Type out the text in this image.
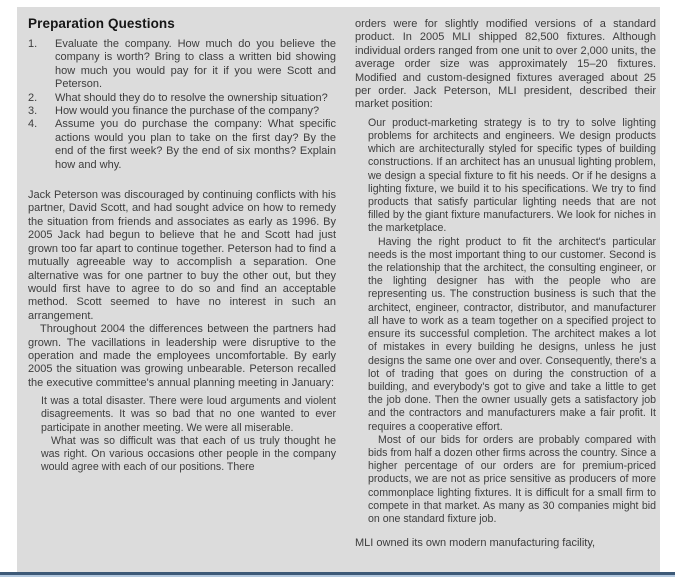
Preparation Questions
1.	Evaluate the company. How much do you believe the company is worth? Bring to class a written bid showing how much you would pay for it if you were Scott and Peterson.
2.	What should they do to resolve the ownership situation?
3.	How would you finance the purchase of the company?
4.	Assume you do purchase the company: What specific actions would you plan to take on the first day? By the end of the first week? By the end of six months? Explain how and why.

Jack Peterson was discouraged by continuing conflicts with his partner, David Scott, and had sought advice on how to remedy the situation from friends and associates as early as 1996. By 2005 Jack had begun to believe that he and Scott had just grown too far apart to continue together. Peterson had to find a mutually agreeable way to accomplish a separation. One alternative was for one partner to buy the other out, but they would first have to agree to do so and find an acceptable method. Scott seemed to have no interest in such an arrangement.

Throughout 2004 the differences between the partners had grown. The vacillations in leadership were disruptive to the operation and made the employees uncomfortable. By early 2005 the situation was growing unbearable. Peterson recalled the executive committee's annual planning meeting in January:

It was a total disaster. There were loud arguments and violent disagreements. It was so bad that no one wanted to ever participate in another meeting. We were all miserable.

What was so difficult was that each of us truly thought he was right. On various occasions other people in the company would agree with each of our positions. There

orders were for slightly modified versions of a standard product. In 2005 MLI shipped 82,500 fixtures. Although individual orders ranged from one unit to over 2,000 units, the average order size was approximately 15–20 fixtures. Modified and custom-designed fixtures averaged about 25 per order. Jack Peterson, MLI president, described their market position:

Our product-marketing strategy is to try to solve lighting problems for architects and engineers. We design products which are architecturally styled for specific types of building constructions. If an architect has an unusual lighting problem, we design a special fixture to fit his needs. Or if he designs a lighting fixture, we build it to his specifications. We try to find products that satisfy particular lighting needs that are not filled by the giant fixture manufacturers. We look for niches in the marketplace.

Having the right product to fit the architect's particular needs is the most important thing to our customer. Second is the relationship that the architect, the consulting engineer, or the lighting designer has with the people who are representing us. The construction business is such that the architect, engineer, contractor, distributor, and manufacturer all have to work as a team together on a specified project to ensure its successful completion. The architect makes a lot of mistakes in every building he designs, unless he just designs the same one over and over. Consequently, there's a lot of trading that goes on during the construction of a building, and everybody's got to give and take a little to get the job done. Then the owner usually gets a satisfactory job and the contractors and manufacturers make a fair profit. It requires a cooperative effort.

Most of our bids for orders are probably compared with bids from half a dozen other firms across the country. Since a higher percentage of our orders are for premium-priced products, we are not as price sensitive as producers of more commonplace lighting fixtures. It is difficult for a small firm to compete in that market. As many as 30 companies might bid on one standard fixture job.

MLI owned its own modern manufacturing facility,
